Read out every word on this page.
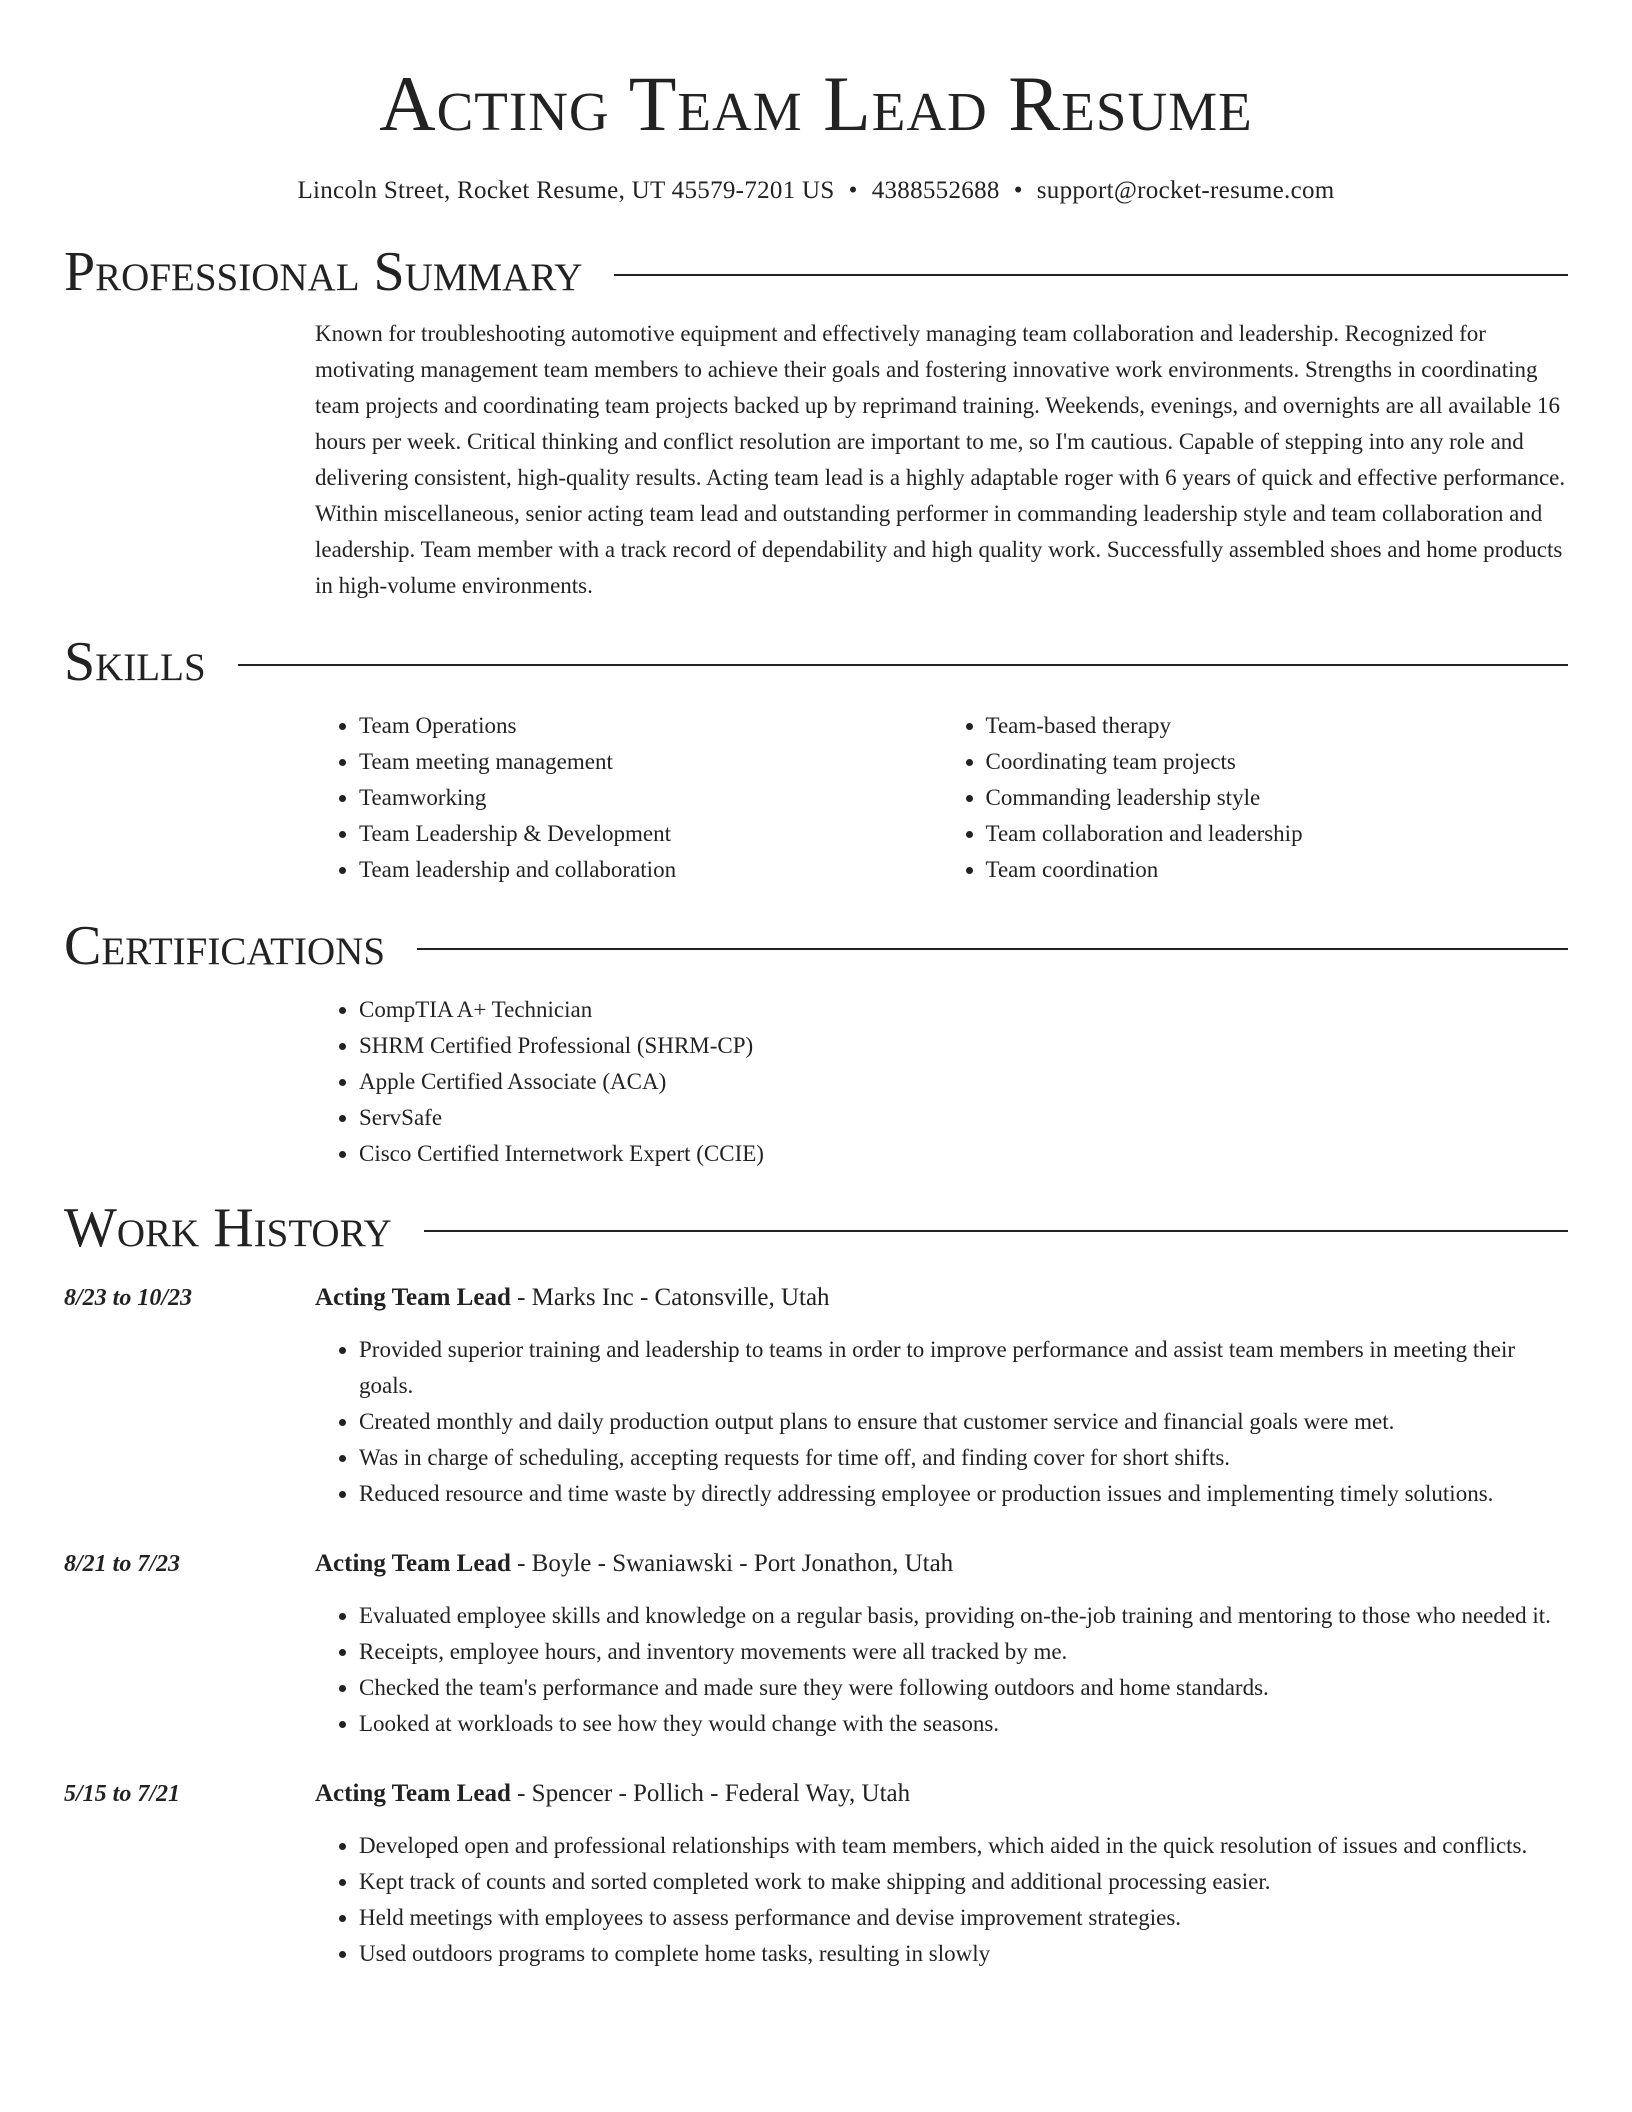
Acting Team Lead Resume
Lincoln Street, Rocket Resume, UT 45579-7201 US • 4388552688 • support@rocket-resume.com
Professional Summary

Known for troubleshooting automotive equipment and effectively managing team collaboration and leadership. Recognized for motivating management team members to achieve their goals and fostering innovative work environments. Strengths in coordinating team projects and coordinating team projects backed up by reprimand training. Weekends, evenings, and overnights are all available 16 hours per week. Critical thinking and conflict resolution are important to me, so I'm cautious. Capable of stepping into any role and delivering consistent, high-quality results. Acting team lead is a highly adaptable roger with 6 years of quick and effective performance. Within miscellaneous, senior acting team lead and outstanding performer in commanding leadership style and team collaboration and leadership. Team member with a track record of dependability and high quality work. Successfully assembled shoes and home products in high-volume environments.

Skills
• Team Operations
• Team meeting management
• Teamworking
• Team Leadership & Development
• Team leadership and collaboration
• Team-based therapy
• Coordinating team projects
• Commanding leadership style
• Team collaboration and leadership
• Team coordination
Certifications
• CompTIA A+ Technician
• SHRM Certified Professional (SHRM-CP)
• Apple Certified Associate (ACA)
• ServSafe
• Cisco Certified Internetwork Expert (CCIE)
Work History
8/23 to 10/23	Acting Team Lead - Marks Inc - Catonsville, Utah
• Provided superior training and leadership to teams in order to improve performance and assist team members in meeting their goals.
• Created monthly and daily production output plans to ensure that customer service and financial goals were met.
• Was in charge of scheduling, accepting requests for time off, and finding cover for short shifts.
• Reduced resource and time waste by directly addressing employee or production issues and implementing timely solutions.
8/21 to 7/23	Acting Team Lead - Boyle - Swaniawski - Port Jonathon, Utah
• Evaluated employee skills and knowledge on a regular basis, providing on-the-job training and mentoring to those who needed it.
• Receipts, employee hours, and inventory movements were all tracked by me.
• Checked the team's performance and made sure they were following outdoors and home standards.
• Looked at workloads to see how they would change with the seasons.
5/15 to 7/21	Acting Team Lead - Spencer - Pollich - Federal Way, Utah
• Developed open and professional relationships with team members, which aided in the quick resolution of issues and conflicts.
• Kept track of counts and sorted completed work to make shipping and additional processing easier.
• Held meetings with employees to assess performance and devise improvement strategies.
• Used outdoors programs to complete home tasks, resulting in slowly
